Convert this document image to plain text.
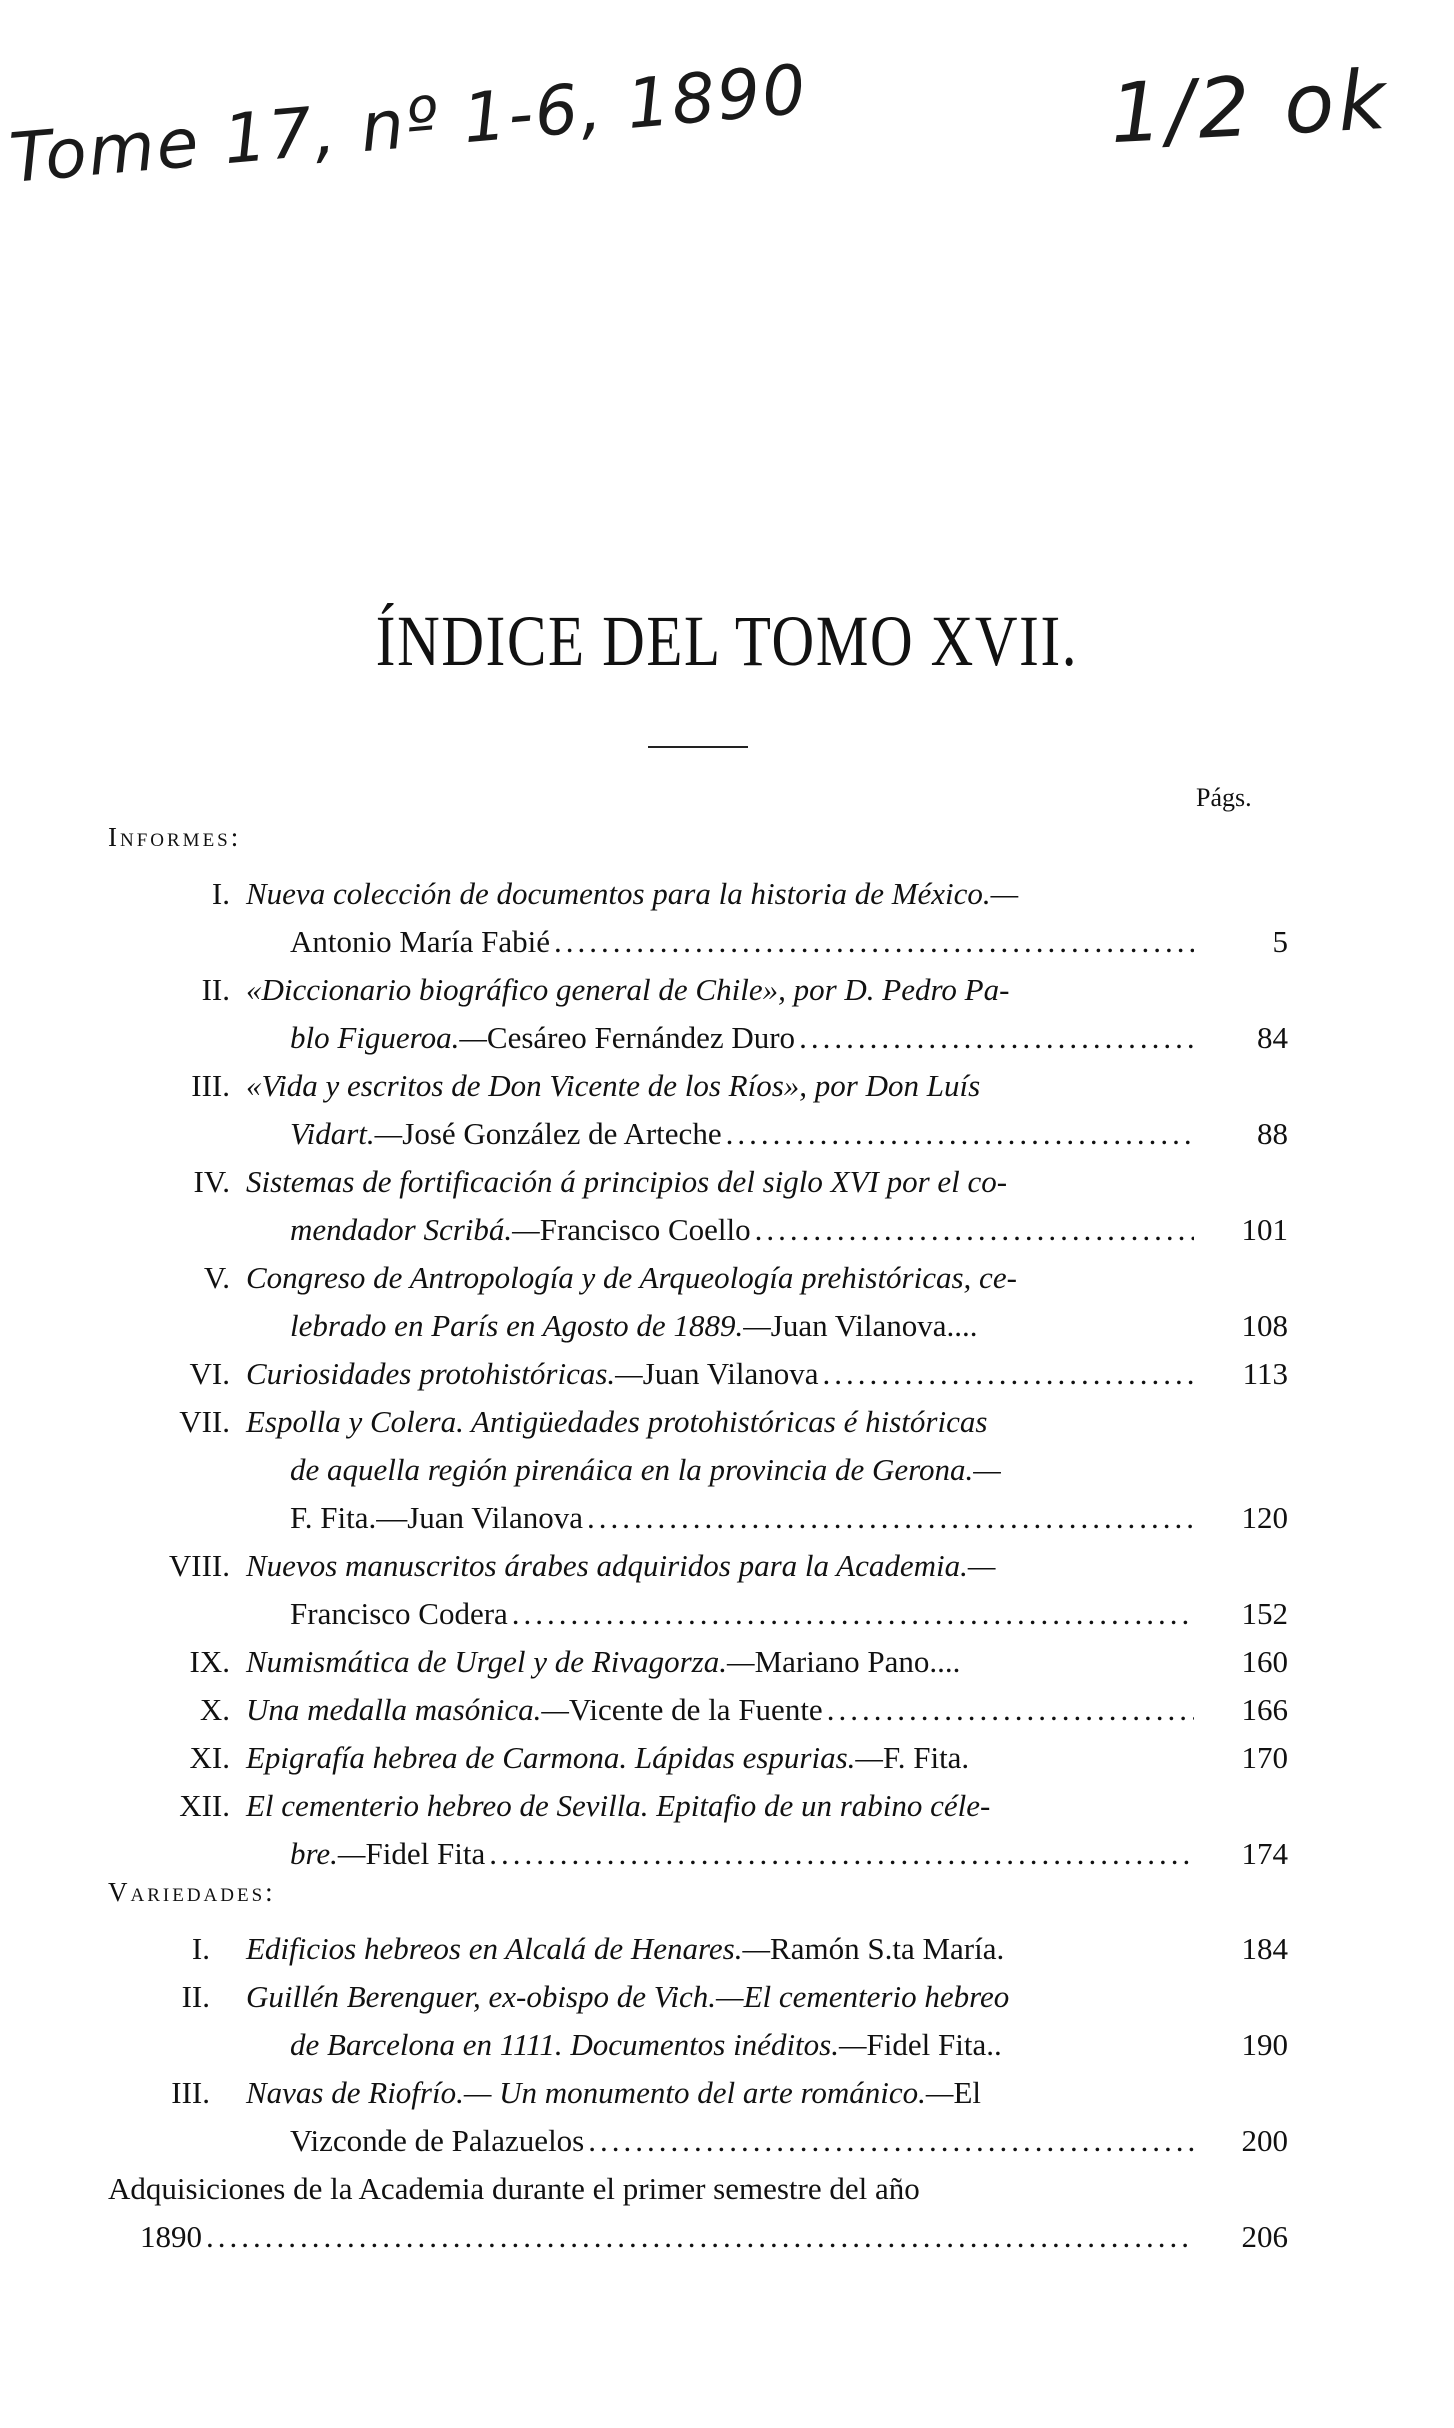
Tome 17, nº 1-6, 1890	1/2 ok
ÍNDICE DEL TOMO XVII.
Págs.
Informes:
Variedades:
I. Nueva colección de documentos para la historia de México.—
Antonio María Fabié .....	5
II. «Diccionario biográfico general de Chile», por D. Pedro Pa-
blo Figueroa.— Cesáreo Fernández Duro .....	84
III. «Vida y escritos de Don Vicente de los Ríos», por Don Luís
Vidart.— José González de Arteche .....	88
IV. Sistemas de fortificación á principios del siglo XVI por el co-
mendador Scribá.— Francisco Coello .....	101
V. Congreso de Antropología y de Arqueología prehistóricas, ce-
lebrado en París en Agosto de 1889.— Juan Vilanova....	108
VI. Curiosidades protohistóricas.— Juan Vilanova .....	113
VII. Espolla y Colera. Antigüedades protohistóricas é históricas
de aquella región pirenáica en la provincia de Gerona.—
F. Fita.—Juan Vilanova .....	120
VIII. Nuevos manuscritos árabes adquiridos para la Academia.—
Francisco Codera .....	152
IX. Numismática de Urgel y de Rivagorza.— Mariano Pano....	160
X. Una medalla masónica.— Vicente de la Fuente .....	166
XI. Epigrafía hebrea de Carmona. Lápidas espurias.— F. Fita.	170
XII. El cementerio hebreo de Sevilla. Epitafio de un rabino céle-
bre.— Fidel Fita .....	174
I. Edificios hebreos en Alcalá de Henares.— Ramón S.ta María.	184
II. Guillén Berenguer, ex-obispo de Vich.—El cementerio hebreo
de Barcelona en 1111. Documentos inéditos.— Fidel Fita..	190
III. Navas de Riofrío.— Un monumento del arte románico.— El
Vizconde de Palazuelos .....	200
Adquisiciones de la Academia durante el primer semestre del año
1890 .....	206
